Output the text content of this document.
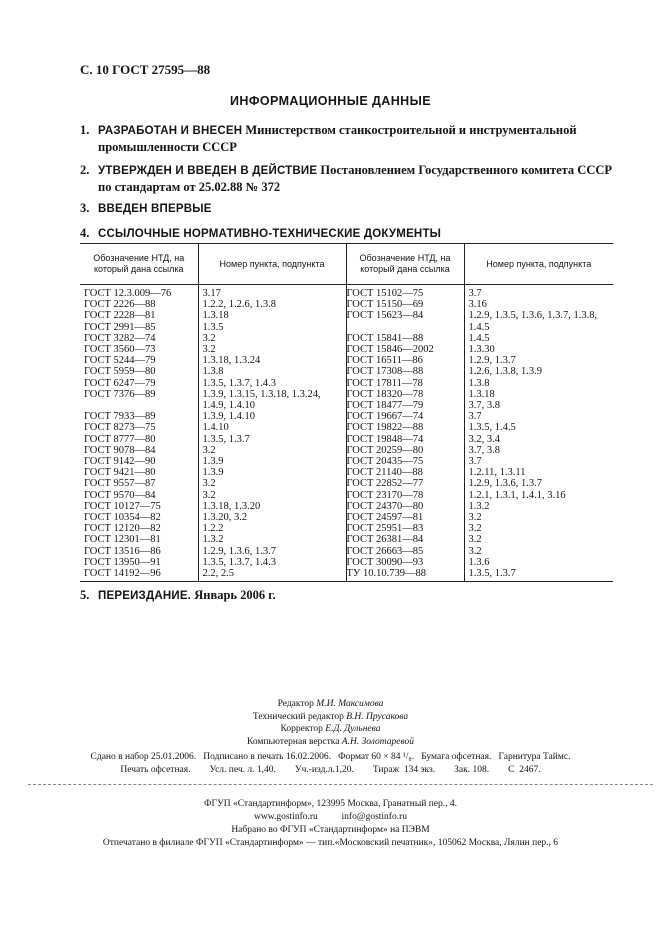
С. 10 ГОСТ 27595—88
ИНФОРМАЦИОННЫЕ ДАННЫЕ
1. РАЗРАБОТАН И ВНЕСЕН Министерством станкостроительной и инструментальной промышленности СССР
2. УТВЕРЖДЕН И ВВЕДЕН В ДЕЙСТВИЕ Постановлением Государственного комитета СССР по стандартам от 25.02.88 № 372
3. ВВЕДЕН ВПЕРВЫЕ
4. ССЫЛОЧНЫЕ НОРМАТИВНО-ТЕХНИЧЕСКИЕ ДОКУМЕНТЫ
Обозначение НТД, на который дана ссылка	Номер пункта, подпункта	Обозначение НТД, на который дана ссылка	Номер пункта, подпункта
ГОСТ 12.3.009—76	3.17	ГОСТ 15102—75	3.7
ГОСТ 2226—88	1.2.2, 1.2.6, 1.3.8	ГОСТ 15150—69	3.16
ГОСТ 2228—81	1.3.18	ГОСТ 15623—84	1.2.9, 1.3.5, 1.3.6, 1.3.7, 1.3.8,
ГОСТ 2991—85	1.3.5		1.4.5
ГОСТ 3282—74	3.2	ГОСТ 15841—88	1.4.5
ГОСТ 3560—73	3.2	ГОСТ 15846—2002	1.3.30
ГОСТ 5244—79	1.3.18, 1.3.24	ГОСТ 16511—86	1.2.9, 1.3.7
ГОСТ 5959—80	1.3.8	ГОСТ 17308—88	1.2.6, 1.3.8, 1.3.9
ГОСТ 6247—79	1.3.5, 1.3.7, 1.4.3	ГОСТ 17811—78	1.3.8
ГОСТ 7376—89	1.3.9, 1.3.15, 1.3.18, 1.3.24,	ГОСТ 18320—78	1.3.18
	1.4.9, 1.4.10	ГОСТ 18477—79	3.7, 3.8
ГОСТ 7933—89	1.3.9, 1.4.10	ГОСТ 19667—74	3.7
ГОСТ 8273—75	1.4.10	ГОСТ 19822—88	1.3.5, 1.4.5
ГОСТ 8777—80	1.3.5, 1.3.7	ГОСТ 19848—74	3.2, 3.4
ГОСТ 9078—84	3.2	ГОСТ 20259—80	3.7, 3.8
ГОСТ 9142—90	1.3.9	ГОСТ 20435—75	3.7
ГОСТ 9421—80	1.3.9	ГОСТ 21140—88	1.2.11, 1.3.11
ГОСТ 9557—87	3.2	ГОСТ 22852—77	1.2.9, 1.3.6, 1.3.7
ГОСТ 9570—84	3.2	ГОСТ 23170—78	1.2.1, 1.3.1, 1.4.1, 3.16
ГОСТ 10127—75	1.3.18, 1.3.20	ГОСТ 24370—80	1.3.2
ГОСТ 10354—82	1.3.20, 3.2	ГОСТ 24597—81	3.2
ГОСТ 12120—82	1.2.2	ГОСТ 25951—83	3.2
ГОСТ 12301—81	1.3.2	ГОСТ 26381—84	3.2
ГОСТ 13516—86	1.2.9, 1.3.6, 1.3.7	ГОСТ 26663—85	3.2
ГОСТ 13950—91	1.3.5, 1.3.7, 1.4.3	ГОСТ 30090—93	1.3.6
ГОСТ 14192—96	2.2, 2.5	ТУ 10.10.739—88	1.3.5, 1.3.7
5. ПЕРЕИЗДАНИЕ. Январь 2006 г.
Редактор М.И. Максимова
Технический редактор В.Н. Прусакова
Корректор Е.Д. Дульнева
Компьютерная верстка А.Н. Золотаревой
Сдано в набор 25.01.2006.   Подписано в печать 16.02.2006.   Формат 60 × 84 ¹/₈.   Бумага офсетная.   Гарнитура Таймс.
Печать офсетная.        Усл. печ. л. 1,40.        Уч.-изд.л.1,20.        Тираж  134 экз.        Зак. 108.        С  2467.
ФГУП «Стандартинформ», 123995 Москва, Гранатный пер., 4.
www.gostinfo.ru          info@gostinfo.ru
Набрано во ФГУП «Стандартинформ» на ПЭВМ
Отпечатано в филиале ФГУП «Стандартинформ» — тип.«Московский печатник», 105062 Москва, Лялин пер., 6
